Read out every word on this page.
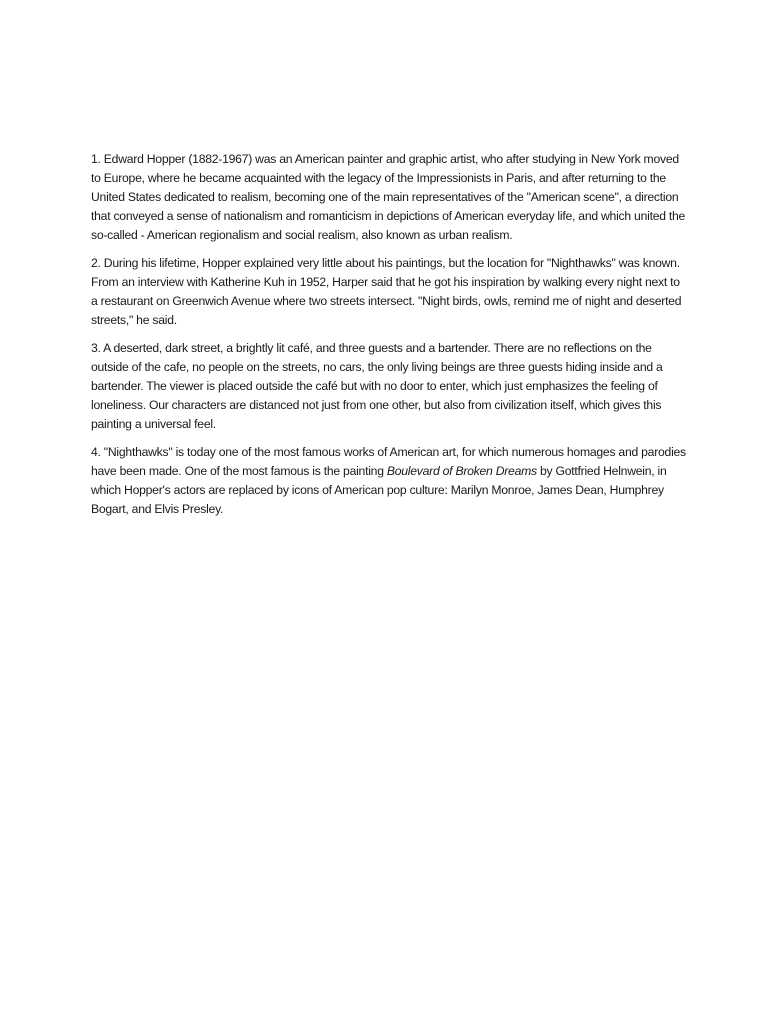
1. Edward Hopper (1882-1967) was an American painter and graphic artist, who after studying in New York moved to Europe, where he became acquainted with the legacy of the Impressionists in Paris, and after returning to the United States dedicated to realism, becoming one of the main representatives of the "American scene", a direction that conveyed a sense of nationalism and romanticism in depictions of American everyday life, and which united the so-called - American regionalism and social realism, also known as urban realism.

2. During his lifetime, Hopper explained very little about his paintings, but the location for "Nighthawks" was known. From an interview with Katherine Kuh in 1952, Harper said that he got his inspiration by walking every night next to a restaurant on Greenwich Avenue where two streets intersect. "Night birds, owls, remind me of night and deserted streets," he said.

3. A deserted, dark street, a brightly lit café, and three guests and a bartender. There are no reflections on the outside of the cafe, no people on the streets, no cars, the only living beings are three guests hiding inside and a bartender. The viewer is placed outside the café but with no door to enter, which just emphasizes the feeling of loneliness. Our characters are distanced not just from one other, but also from civilization itself, which gives this painting a universal feel.

4. "Nighthawks" is today one of the most famous works of American art, for which numerous homages and parodies have been made. One of the most famous is the painting Boulevard of Broken Dreams by Gottfried Helnwein, in which Hopper's actors are replaced by icons of American pop culture: Marilyn Monroe, James Dean, Humphrey Bogart, and Elvis Presley.
